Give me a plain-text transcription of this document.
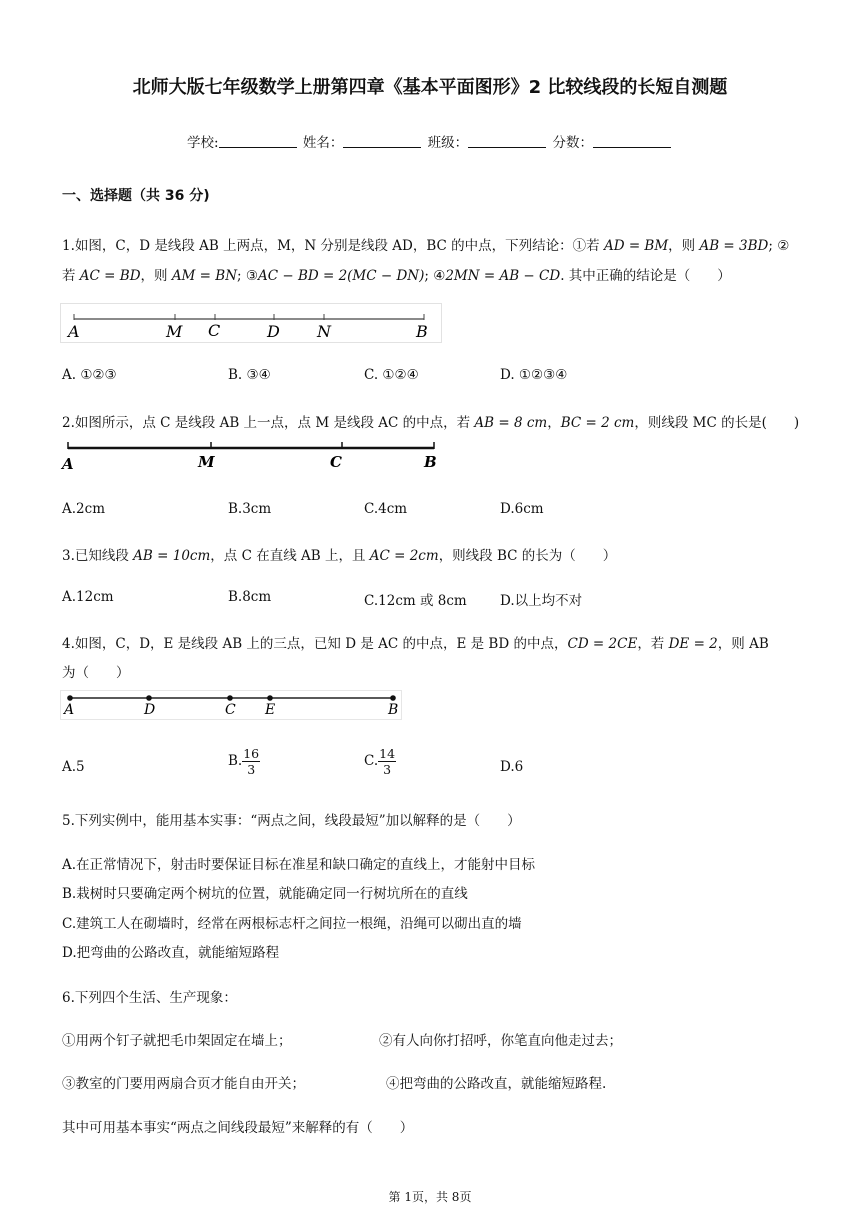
北师大版七年级数学上册第四章《基本平面图形》2 比较线段的长短自测题
学校:	姓名：	班级：	分数：
一、选择题（共 36 分)
1.如图，C，D 是线段 AB 上两点，M，N 分别是线段 AD，BC 的中点，下列结论：①若 AD = BM，则 AB = 3BD; ②
若 AC = BD，则 AM = BN; ③AC − BD = 2(MC − DN); ④2MN = AB − CD. 其中正确的结论是（　　）
A	M C	D N	B
A. ①②③	B. ③④	C. ①②④	D. ①②③④
2.如图所示，点 C 是线段 AB 上一点，点 M 是线段 AC 的中点，若 AB = 8 cm，BC = 2 cm，则线段 MC 的长是(　　)
A	M	C	B
A.2cm	B.3cm	C.4cm	D.6cm
3.已知线段 AB = 10cm，点 C 在直线 AB 上，且 AC = 2cm，则线段 BC 的长为（　　）
A.12cm	B.8cm	C.12cm 或 8cm D.以上均不对
4.如图，C，D，E 是线段 AB 上的三点，已知 D 是 AC 的中点，E 是 BD 的中点，CD = 2CE，若 DE = 2，则 AB
为（　　）
A	D	C E	B
A.5	B. $\frac{16}{3}$	C. $\frac{14}{3}$	D.6
5.下列实例中，能用基本实事：“两点之间，线段最短”加以解释的是（　　）
A.在正常情况下，射击时要保证目标在准星和缺口确定的直线上，才能射中目标
B.栽树时只要确定两个树坑的位置，就能确定同一行树坑所在的直线
C.建筑工人在砌墙时，经常在两根标志杆之间拉一根绳，沿绳可以砌出直的墙
D.把弯曲的公路改直，就能缩短路程
6.下列四个生活、生产现象：
①用两个钉子就把毛巾架固定在墙上；	②有人向你打招呼，你笔直向他走过去；
③教室的门要用两扇合页才能自由开关；	④把弯曲的公路改直，就能缩短路程.
其中可用基本事实“两点之间线段最短”来解释的有（　　）
第 1页，共 8页
